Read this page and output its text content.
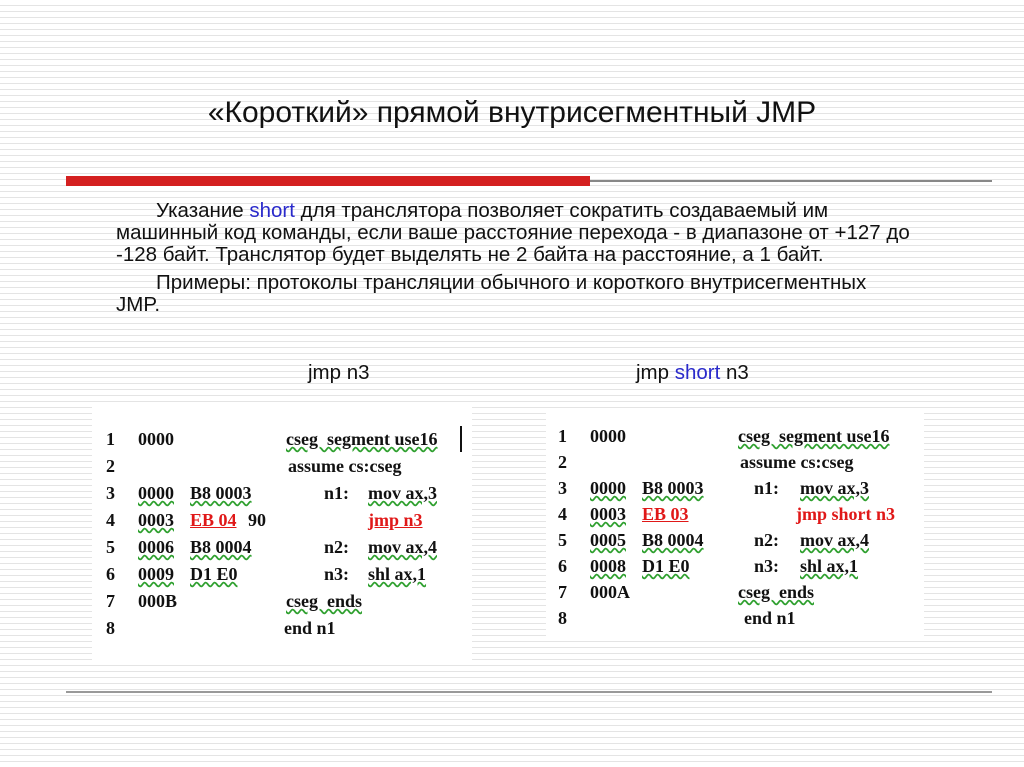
«Короткий» прямой внутрисегментный JMP

Указание short для транслятора позволяет сократить создаваемый им машинный код команды, если ваше расстояние перехода - в диапазоне от +127 до -128 байт. Транслятор будет выделять не 2 байта на расстояние, а 1 байт.

Примеры: протоколы трансляции обычного и короткого внутрисегментных JMP.

jmp n3	jmp short n3
1
2
3
4
5
6
7
8
0000
0000
0003
0006
0009
000B
B8 0003
EB 04 90
B8 0004
D1 E0
n1:
n2:
n3:
cseg  segment use16
assume cs:cseg
mov ax,3
jmp n3
mov ax,4
shl ax,1
cseg  ends
end n1
1
2
3
4
5
6
7
8
0000
0000
0003
0005
0008
000A
B8 0003
EB 03
B8 0004
D1 E0
n1:
n2:
n3:
cseg  segment use16
assume cs:cseg
mov ax,3
jmp short n3
mov ax,4
shl ax,1
cseg  ends
end n1
